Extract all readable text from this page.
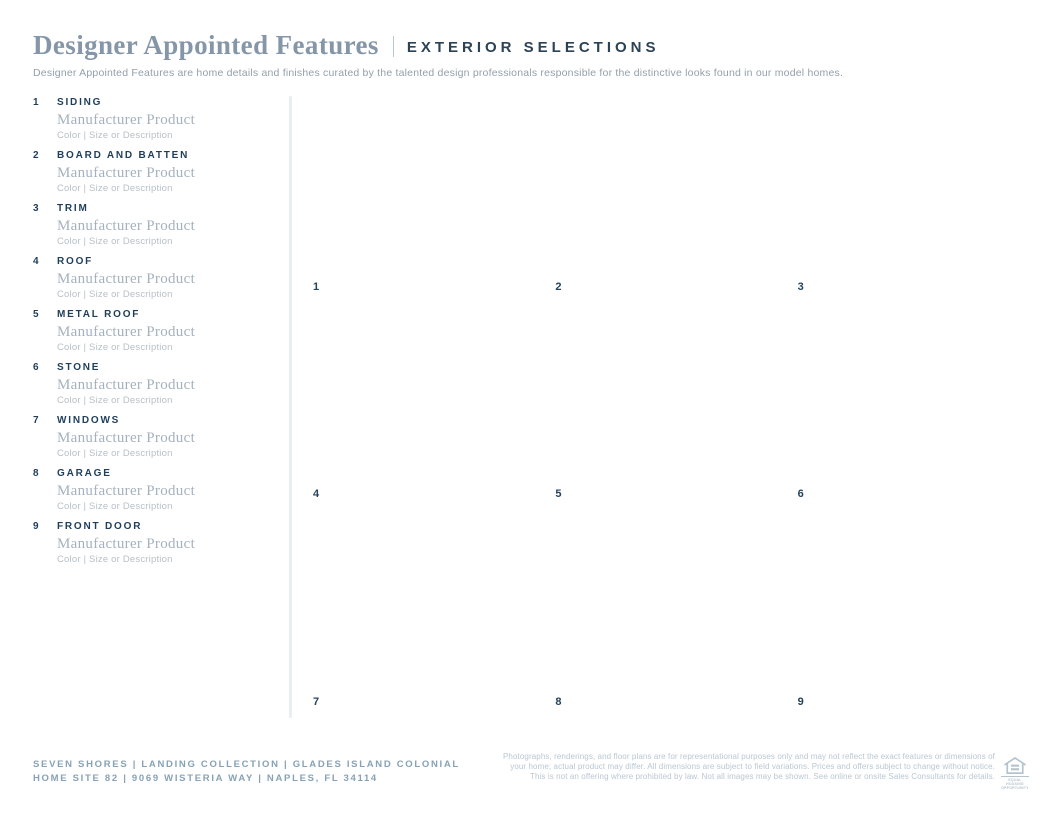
Designer Appointed Features EXTERIOR SELECTIONS
Designer Appointed Features are home details and finishes curated by the talented design professionals responsible for the distinctive looks found in our model homes.
1	SIDING
Manufacturer Product
Color | Size or Description
2	BOARD AND BATTEN
Manufacturer Product
Color | Size or Description
3	TRIM
Manufacturer Product
Color | Size or Description
4	ROOF
Manufacturer Product
Color | Size or Description
5	METAL ROOF
Manufacturer Product
Color | Size or Description
6	STONE
Manufacturer Product
Color | Size or Description
7	WINDOWS
Manufacturer Product
Color | Size or Description
8	GARAGE
Manufacturer Product
Color | Size or Description
9	FRONT DOOR
Manufacturer Product
Color | Size or Description
1	2	3
4	5	6
7	8	9
SEVEN SHORES | LANDING COLLECTION | GLADES ISLAND COLONIAL
HOME SITE 82 | 9069 WISTERIA WAY | NAPLES, FL 34114
Photographs, renderings, and floor plans are for representational purposes only and may not reflect the exact features or dimensions of
your home; actual product may differ. All dimensions are subject to field variations. Prices and offers subject to change without notice.
This is not an offering where prohibited by law. Not all images may be shown. See online or onsite Sales Consultants for details.	EQUAL HOUSING
OPPORTUNITY
